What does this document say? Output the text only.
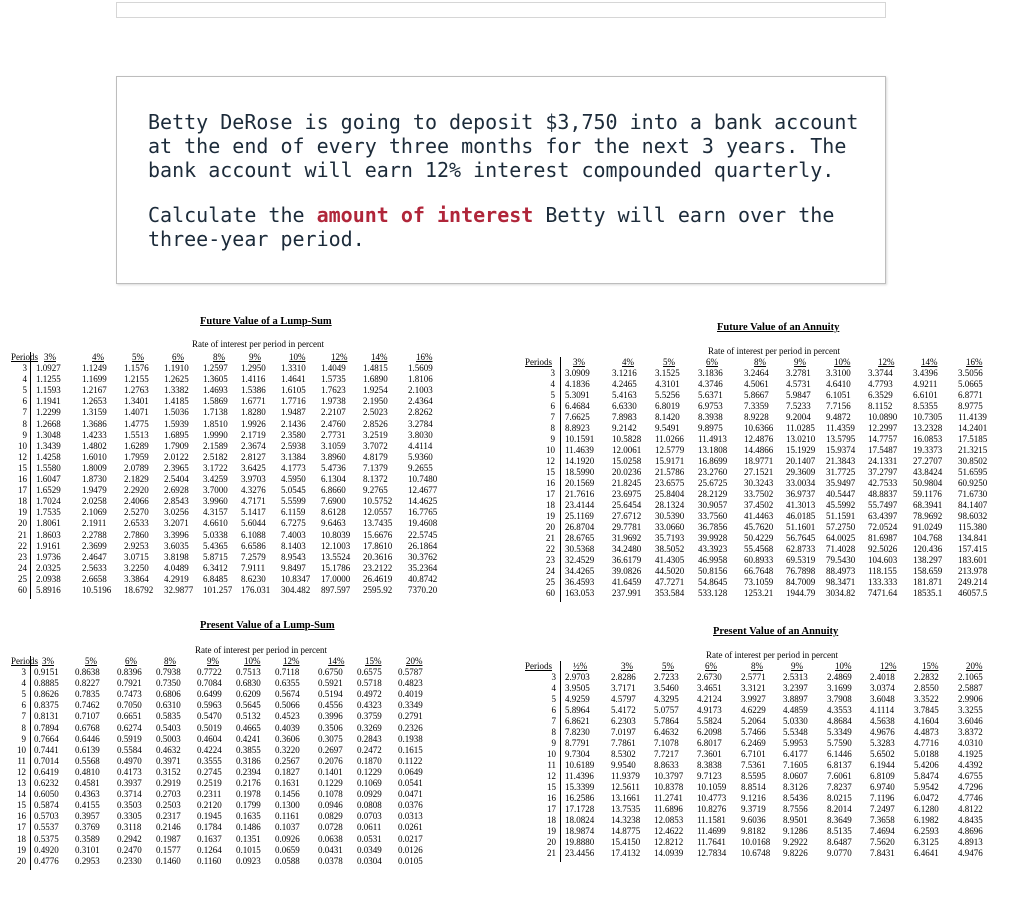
Betty DeRose is going to deposit $3,750 into a bank account at the end of every three months for the next 3 years. The bank account will earn 12% interest compounded quarterly.

Calculate the amount of interest Betty will earn over the three-year period.

Future Value of a Lump-Sum
Rate of interest per period in percent
Periods 3%	4%	5%	6%	8%	9%	10%	12%	14%	16%
3 1.0927 1.1249 1.1576 1.1910 1.2597 1.2950 1.3310 1.4049 1.4815 1.5609
4 1.1255 1.1699 1.2155 1.2625 1.3605 1.4116 1.4641 1.5735 1.6890 1.8106
5 1.1593 1.2167 1.2763 1.3382 1.4693 1.5386 1.6105 1.7623 1.9254 2.1003
6 1.1941 1.2653 1.3401 1.4185 1.5869 1.6771 1.7716 1.9738 2.1950 2.4364
7 1.2299 1.3159 1.4071 1.5036 1.7138 1.8280 1.9487 2.2107 2.5023 2.8262
8 1.2668 1.3686 1.4775 1.5939 1.8510 1.9926 2.1436 2.4760 2.8526 3.2784
9 1.3048 1.4233 1.5513 1.6895 1.9990 2.1719 2.3580 2.7731 3.2519 3.8030
10 1.3439 1.4802 1.6289 1.7909 2.1589 2.3674 2.5938 3.1059 3.7072 4.4114
12 1.4258 1.6010 1.7959 2.0122 2.5182 2.8127 3.1384 3.8960 4.8179 5.9360
15 1.5580 1.8009 2.0789 2.3965 3.1722 3.6425 4.1773 5.4736 7.1379 9.2655
16 1.6047 1.8730 2.1829 2.5404 3.4259 3.9703 4.5950 6.1304 8.1372 10.7480
17 1.6529 1.9479 2.2920 2.6928 3.7000 4.3276 5.0545 6.8660 9.2765 12.4677
18 1.7024 2.0258 2.4066 2.8543 3.9960 4.7171 5.5599 7.6900 10.5752 14.4625
19 1.7535 2.1069 2.5270 3.0256 4.3157 5.1417 6.1159 8.6128 12.0557 16.7765
20 1.8061 2.1911 2.6533 3.2071 4.6610 5.6044 6.7275 9.6463 13.7435 19.4608
21 1.8603 2.2788 2.7860 3.3996 5.0338 6.1088 7.4003 10.8039 15.6676 22.5745
22 1.9161 2.3699 2.9253 3.6035 5.4365 6.6586 8.1403 12.1003 17.8610 26.1864
23 1.9736 2.4647 3.0715 3.8198 5.8715 7.2579 8.9543 13.5524 20.3616 30.3762
24 2.0325 2.5633 3.2250 4.0489 6.3412 7.9111 9.8497 15.1786 23.2122 35.2364
25 2.0938 2.6658 3.3864 4.2919 6.8485 8.6230 10.8347 17.0000 26.4619 40.8742
60 5.8916 10.5196 18.6792 32.9877 101.257 176.031 304.482 897.597 2595.92 7370.20
Future Value of an Annuity
Rate of interest per period in percent
Periods 3%	4%	5%	6%	8%	9%	10%	12%	14%	16%
3 3.0909 3.1216 3.1525 3.1836 3.2464 3.2781 3.3100 3.3744 3.4396 3.5056
4 4.1836 4.2465 4.3101 4.3746 4.5061 4.5731 4.6410 4.7793 4.9211 5.0665
5 5.3091 5.4163 5.5256 5.6371 5.8667 5.9847 6.1051 6.3529 6.6101 6.8771
6 6.4684 6.6330 6.8019 6.9753 7.3359 7.5233 7.7156 8.1152 8.5355 8.9775
7 7.6625 7.8983 8.1420 8.3938 8.9228 9.2004 9.4872 10.0890 10.7305 11.4139
8 8.8923 9.2142 9.5491 9.8975 10.6366 11.0285 11.4359 12.2997 13.2328 14.2401
9 10.1591 10.5828 11.0266 11.4913 12.4876 13.0210 13.5795 14.7757 16.0853 17.5185
10 11.4639 12.0061 12.5779 13.1808 14.4866 15.1929 15.9374 17.5487 19.3373 21.3215
12 14.1920 15.0258 15.9171 16.8699 18.9771 20.1407 21.3843 24.1331 27.2707 30.8502
15 18.5990 20.0236 21.5786 23.2760 27.1521 29.3609 31.7725 37.2797 43.8424 51.6595
16 20.1569 21.8245 23.6575 25.6725 30.3243 33.0034 35.9497 42.7533 50.9804 60.9250
17 21.7616 23.6975 25.8404 28.2129 33.7502 36.9737 40.5447 48.8837 59.1176 71.6730
18 23.4144 25.6454 28.1324 30.9057 37.4502 41.3013 45.5992 55.7497 68.3941 84.1407
19 25.1169 27.6712 30.5390 33.7560 41.4463 46.0185 51.1591 63.4397 78.9692 98.6032
20 26.8704 29.7781 33.0660 36.7856 45.7620 51.1601 57.2750 72.0524 91.0249 115.380
21 28.6765 31.9692 35.7193 39.9928 50.4229 56.7645 64.0025 81.6987 104.768 134.841
22 30.5368 34.2480 38.5052 43.3923 55.4568 62.8733 71.4028 92.5026 120.436 157.415
23 32.4529 36.6179 41.4305 46.9958 60.8933 69.5319 79.5430 104.603 138.297 183.601
24 34.4265 39.0826 44.5020 50.8156 66.7648 76.7898 88.4973 118.155 158.659 213.978
25 36.4593 41.6459 47.7271 54.8645 73.1059 84.7009 98.3471 133.333 181.871 249.214
60 163.053 237.991 353.584 533.128 1253.21 1944.79 3034.82 7471.64 18535.1 46057.5
Present Value of a Lump-Sum
Rate of interest per period in percent
Periods 3%	5%	6%	8%	9%	10%	12%	14% 15%	20%
3 0.9151 0.8638 0.8396 0.7938 0.7722 0.7513 0.7118 0.6750 0.6575 0.5787
4 0.8885 0.8227 0.7921 0.7350 0.7084 0.6830 0.6355 0.5921 0.5718 0.4823
5 0.8626 0.7835 0.7473 0.6806 0.6499 0.6209 0.5674 0.5194 0.4972 0.4019
6 0.8375 0.7462 0.7050 0.6310 0.5963 0.5645 0.5066 0.4556 0.4323 0.3349
7 0.8131 0.7107 0.6651 0.5835 0.5470 0.5132 0.4523 0.3996 0.3759 0.2791
8 0.7894 0.6768 0.6274 0.5403 0.5019 0.4665 0.4039 0.3506 0.3269 0.2326
9 0.7664 0.6446 0.5919 0.5003 0.4604 0.4241 0.3606 0.3075 0.2843 0.1938
10 0.7441 0.6139 0.5584 0.4632 0.4224 0.3855 0.3220 0.2697 0.2472 0.1615
11 0.7014 0.5568 0.4970 0.3971 0.3555 0.3186 0.2567 0.2076 0.1870 0.1122
12 0.6419 0.4810 0.4173 0.3152 0.2745 0.2394 0.1827 0.1401 0.1229 0.0649
13 0.6232 0.4581 0.3937 0.2919 0.2519 0.2176 0.1631 0.1229 0.1069 0.0541
14 0.6050 0.4363 0.3714 0.2703 0.2311 0.1978 0.1456 0.1078 0.0929 0.0471
15 0.5874 0.4155 0.3503 0.2503 0.2120 0.1799 0.1300 0.0946 0.0808 0.0376
16 0.5703 0.3957 0.3305 0.2317 0.1945 0.1635 0.1161 0.0829 0.0703 0.0313
17 0.5537 0.3769 0.3118 0.2146 0.1784 0.1486 0.1037 0.0728 0.0611 0.0261
18 0.5375 0.3589 0.2942 0.1987 0.1637 0.1351 0.0926 0.0638 0.0531 0.0217
19 0.4920 0.3101 0.2470 0.1577 0.1264 0.1015 0.0659 0.0431 0.0349 0.0126
20 0.4776 0.2953 0.2330 0.1460 0.1160 0.0923 0.0588 0.0378 0.0304 0.0105
Present Value of an Annuity
Rate of interest per period in percent
Periods ½%	3%	5%	6%	8%	9%	10%	12%	15%	20%
3 2.9703 2.8286 2.7233 2.6730 2.5771 2.5313 2.4869 2.4018 2.2832 2.1065
4 3.9505 3.7171 3.5460 3.4651 3.3121 3.2397 3.1699 3.0374 2.8550 2.5887
5 4.9259 4.5797 4.3295 4.2124 3.9927 3.8897 3.7908 3.6048 3.3522 2.9906
6 5.8964 5.4172 5.0757 4.9173 4.6229 4.4859 4.3553 4.1114 3.7845 3.3255
7 6.8621 6.2303 5.7864 5.5824 5.2064 5.0330 4.8684 4.5638 4.1604 3.6046
8 7.8230 7.0197 6.4632 6.2098 5.7466 5.5348 5.3349 4.9676 4.4873 3.8372
9 8.7791 7.7861 7.1078 6.8017 6.2469 5.9953 5.7590 5.3283 4.7716 4.0310
10 9.7304 8.5302 7.7217 7.3601 6.7101 6.4177 6.1446 5.6502 5.0188 4.1925
11 10.6189 9.9540 8.8633 8.3838 7.5361 7.1605 6.8137 6.1944 5.4206 4.4392
12 11.4396 11.9379 10.3797 9.7123 8.5595 8.0607 7.6061 6.8109 5.8474 4.6755
15 15.3399 12.5611 10.8378 10.1059 8.8514 8.3126 7.8237 6.9740 5.9542 4.7296
16 16.2586 13.1661 11.2741 10.4773 9.1216 8.5436 8.0215 7.1196 6.0472 4.7746
17 17.1728 13.7535 11.6896 10.8276 9.3719 8.7556 8.2014 7.2497 6.1280 4.8122
18 18.0824 14.3238 12.0853 11.1581 9.6036 8.9501 8.3649 7.3658 6.1982 4.8435
19 18.9874 14.8775 12.4622 11.4699 9.8182 9.1286 8.5135 7.4694 6.2593 4.8696
20 19.8880 15.4150 12.8212 11.7641 10.0168 9.2922 8.6487 7.5620 6.3125 4.8913
21 23.4456 17.4132 14.0939 12.7834 10.6748 9.8226 9.0770 7.8431 6.4641 4.9476
